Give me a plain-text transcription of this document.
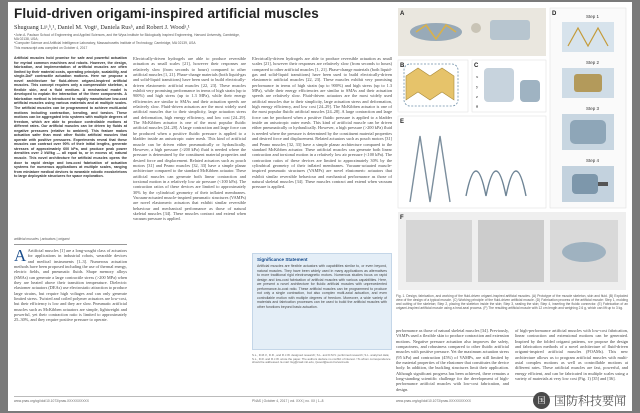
Fluid-driven origami-inspired artificial muscles
Shuguang Liᵃ,ᵇ,¹, Daniel M. Vogtᵃ, Daniela Rusᵇ, and Robert J. Woodᵃ,¹
ᵃJohn A. Paulson School of Engineering and Applied Sciences, and the Wyss Institute for Biologically Inspired Engineering, Harvard University, Cambridge, MA 02138, USA;
ᵇComputer Science and Artificial Intelligence Laboratory, Massachusetts Institute of Technology, Cambridge, MA 02139, USA
This manuscript was compiled on October 4, 2017
Artificial muscles hold promise for safe and powerful actuation for myriad common machines and robots. However, the design, fabrication, and implementation of artificial muscles are often limited by their material costs, operating principle, scalability, and single-DoF contractile actuation motions. Here we propose a novel architecture for fluid-driven origami-inspired artificial muscles. This concept requires only a compressible skeleton, a flexible skin, and a fluid medium. A mechanical model is developed to explain the interaction of the three components. A fabrication method is introduced to rapidly manufacture low-cost artificial muscles using various materials and at multiple scales. The artificial muscles can be programmed to achieve multi-axial motions including contraction, bending, and torsion. These motions can be aggregated into systems with multiple degrees of freedom, which are able to produce controllable motions at different rates. Our artificial muscles can be driven by fluids at negative pressures (relative to ambient). This feature makes actuation safer than most other fluidic artificial muscles that operate with positive pressures. Experiments reveal that these muscles can contract over 90% of their initial lengths, generate stresses of approximately 600 kPa, and produce peak power densities over 2 kW/kg — all equal to, or in excess of, natural muscle. This novel architecture for artificial muscles opens the door to rapid design and low-cost fabrication of actuation systems for numerous applications at multiple scales, ranging from miniature medical devices to wearable robotic exoskeletons to large deployable structures for space exploration.
artificial muscles | actuators | origami
A Artificial muscles [1] are a long-sought class of actuators for applications in industrial robots, wearable devices and medical instruments [1–3]. Numerous actuation methods have been proposed including the use of thermal energy, electric fields, and pneumatic fluids. Shape memory alloys (SMAs) can generate a large contractile stress (>200 MPa) when they are heated above their transition temperature. Dielectric elastomer actuators (DEAs) use electrostatic attraction to produce large strains, but require high voltages and can only generate limited stress. Twisted and coiled polymer actuators are low-cost, but their efficiency is low and they are slow. Pneumatic artificial muscles such as McKibben actuators are simple, lightweight and powerful, yet their contraction ratio is limited to approximately 25–30%, and they require positive pressure to operate.
Electrically-driven hydrogels are able to produce reversible actuation as small scales [21], however their responses are relatively slow (from seconds to hours) compared to other artificial muscles [1, 21]. Phase-change materials (both liquid-gas and solid-liquid transitions) have been used to build electrically-driven elastomeric artificial muscles [22, 23]. These muscles exhibit very promising performance in terms of high strain (up to 900%) and high stress (up to 1.3 MPa), while their energy efficiencies are similar to SMAs and their actuation speeds are relatively slow. Fluid-driven actuators are the most widely used artificial muscles due to their simplicity, large actuation stress and deformation, high energy efficiency, and low cost [24–29]. The McKibben actuator is one of the most popular fluidic artificial muscles [24–28]. A large contraction and large force can be produced when a positive fluidic pressure is applied to a bladder inside an anisotropic outer mesh. This kind of artificial muscle can be driven either pneumatically or hydraulically. However, a high pressure (>200 kPa) fluid is needed where the pressure is determined by the constituent material properties and desired force and displacement. Related actuators such as pouch motors [31] and Peano muscles [32, 33] have a simple planar architecture compared to the standard McKibben actuator. These artificial muscles can generate both linear contraction and torsional motion in a relatively low air pressure (<100 kPa). The contraction ratios of these devices are limited to approximately 30% by the cylindrical geometry of their inflated membranes. Vacuum-actuated muscle-inspired pneumatic structures (VAMPs) are novel elastomeric actuators that exhibit similar reversible behaviour and mechanical performance as those of natural skeletal muscles [34]. These muscles contract and extend when vacuum pressure is applied.
Electrically-driven hydrogels are able to produce reversible actuation as small scales [21], however their responses are relatively slow (from seconds to hours) compared to other artificial muscles [1, 21]. Phase-change materials (both liquid-gas and solid-liquid transitions) have been used to build electrically-driven elastomeric artificial muscles [22, 23]. These muscles exhibit very promising performance in terms of high strain (up to 900%) and high stress (up to 1.3 MPa), while their energy efficiencies are similar to SMAs and their actuation speeds are relatively slow. Fluid-driven actuators are the most widely used artificial muscles due to their simplicity, large actuation stress and deformation, high energy efficiency, and low cost [24–29]. The McKibben actuator is one of the most popular fluidic artificial muscles [24–28]. A large contraction and large force can be produced when a positive fluidic pressure is applied to a bladder inside an anisotropic outer mesh. This kind of artificial muscle can be driven either pneumatically or hydraulically. However, a high pressure (>200 kPa) fluid is needed where the pressure is determined by the constituent material properties and desired force and displacement. Related actuators such as pouch motors [31] and Peano muscles [32, 33] have a simple planar architecture compared to the standard McKibben actuator. These artificial muscles can generate both linear contraction and torsional motion in a relatively low air pressure (<100 kPa). The contraction ratios of these devices are limited to approximately 30% by the cylindrical geometry of their inflated membranes. Vacuum-actuated muscle-inspired pneumatic structures (VAMPs) are novel elastomeric actuators that exhibit similar reversible behaviour and mechanical performance as those of natural skeletal muscles [34]. These muscles contract and extend when vacuum pressure is applied.
Significance Statement
Artificial muscles are flexible actuators with capabilities similar to, or even beyond, natural muscles. They have been widely used in many applications as alternatives to more traditional rigid electromagnetic motors. Numerous studies focus on rapid design and low-cost fabrication of artificial muscles with various capabilities. Here, we present a novel architecture for fluidic artificial muscles with unprecedented performance-to-cost ratio. These artificial muscles can be programmed to produce not only a single contraction, but also complex multi-axial actuation, and even controllable motion with multiple degrees of freedom. Moreover, a wide variety of materials and fabrication processes can be used to build the artificial muscles with other functions beyond basic actuation.
S.L., D.M.V., D.R., and R.J.W. designed research; S.L. and D.M.V. performed research; S.L. analyzed data; S.L., D.R. and R.J.W. wrote the paper. The authors declare no conflict of interest. ¹To whom correspondence should be addressed. E-mail: lisg@csail.mit.edu, rjwood@eecs.harvard.edu
A
B
x
y
z
θ
C
D	Step 1
Step 2
Step 3
Step 4
E
F
Fig. 1. Design, fabrication, and working of the fluid-driven origami-inspired artificial muscles. (A) Prototype of the muscle skeleton, skin and fluid. (B) Exploded view of the design of a typical muscle. (C) Working principle of the fluid-driven artificial muscle. (D) Fabrication process of the artificial muscle: Step 1, molding and cutting of the skeleton; Step 2, placing the skeleton inside the skin; Step 3, sealing the skin; Step 4, inserting the fluidic connector. (E) Fabrication of an origami-inspired artificial muscle using a heat-seal process. (F) The resulting artificial muscle with 12 cm length and weighing 2.6 g, which can lift up to 3 kg.
performance as those of natural skeletal muscles [34]. Previously, VAMPs used a flexible skin to produce contraction and extension motions. Negative pressure actuation also improves the safety, compactness, and robustness compared to other fluidic artificial muscles with positive pressure. Yet the maximum actuation stress (95 kPa) and contraction (45%) of VAMPs, are still limited by the material properties of the elastomer that constitutes the device body. In addition, the buckling structures limit their application. Although significant progress has been achieved, there remains a long-standing scientific challenge for the development of high-performance artificial muscles with low-cost fabrication, and design.
of high-performance artificial muscles with low-cost fabrication, linear contraction and extensional motions can be generated. Inspired by the folded origami patterns, we propose the design and fabrication methods of a novel architecture of fluid-driven origami-inspired artificial muscles (FOAMs). This new architecture allows us to program artificial muscles with multi-axial complex motions as well as controllable motions at different rates. These artificial muscles are fast, powerful, and energy efficient, and can be fabricated in multiple scales using a variety of materials at very low cost (Fig. 1) [35] and [36].
www.pnas.org/cgi/doi/10.1073/pnas.XXXXXXXXXX	PNAS | October 4, 2017 | vol. XXX | no. XX | 1–8	www.pnas.org/cgi/doi/10.1073/pnas.XXXXXXXXXX	国 国防科技要闻
